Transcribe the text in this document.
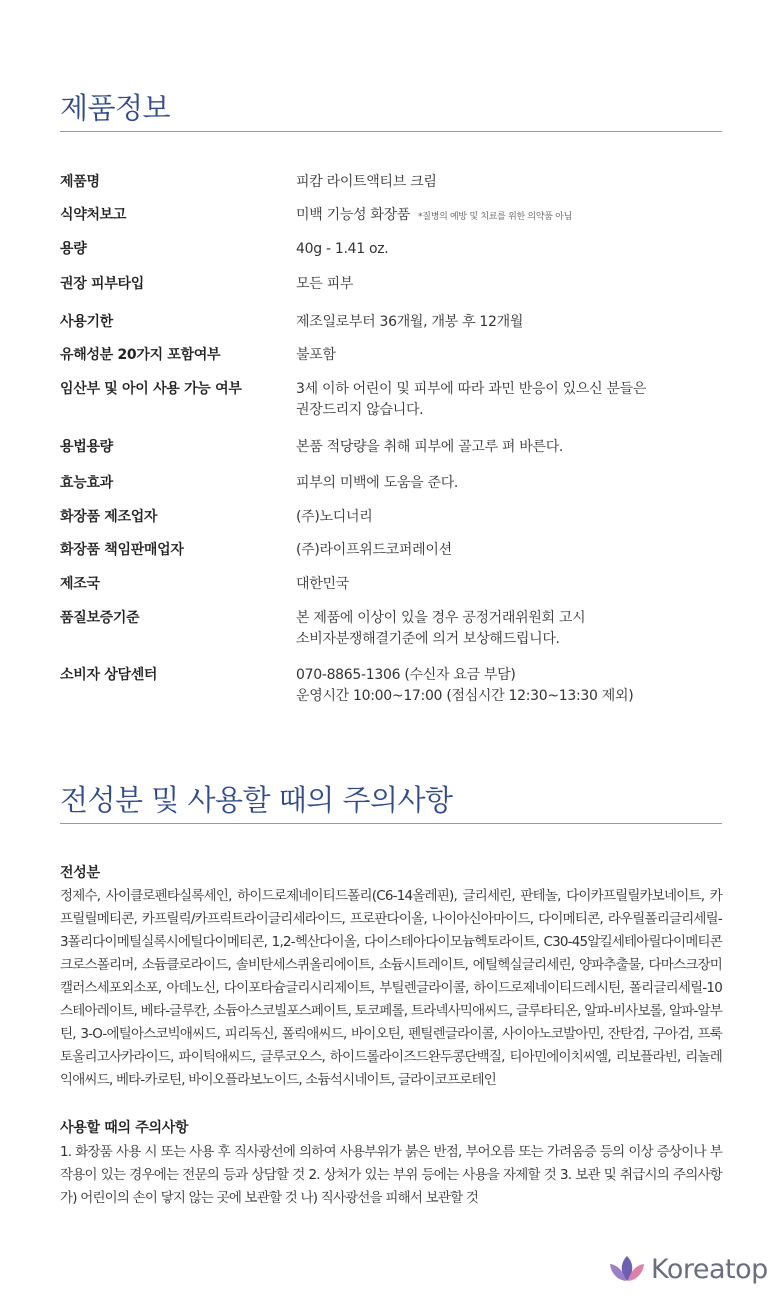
제품정보
제품명	피캄 라이트액티브 크림
식약처보고	미백 기능성 화장품 *질병의 예방 및 치료를 위한 의약품 아님
용량	40g - 1.41 oz.
권장 피부타입	모든 피부
사용기한	제조일로부터 36개월, 개봉 후 12개월
유해성분 20가지 포함여부	불포함
임산부 및 아이 사용 가능 여부	3세 이하 어린이 및 피부에 따라 과민 반응이 있으신 분들은
권장드리지 않습니다.
용법용량	본품 적당량을 취해 피부에 골고루 펴 바른다.
효능효과	피부의 미백에 도움을 준다.
화장품 제조업자	(주)노디너리
화장품 책임판매업자	(주)라이프위드코퍼레이션
제조국	대한민국
품질보증기준	본 제품에 이상이 있을 경우 공정거래위원회 고시
소비자분쟁해결기준에 의거 보상해드립니다.
소비자 상담센터	070-8865-1306 (수신자 요금 부담)
운영시간 10:00~17:00 (점심시간 12:30~13:30 제외)
전성분 및 사용할 때의 주의사항
전성분
정제수, 사이클로펜타실록세인, 하이드로제네이티드폴리(C6-14올레핀), 글리세린, 판테놀, 다이카프릴릴카보네이트, 카프릴릴메티콘, 카프릴릭/카프릭트라이글리세라이드, 프로판다이올, 나이아신아마이드, 다이메티콘, 라우릴폴리글리세릴-3폴리다이메틸실록시에틸다이메티콘, 1,2-헥산다이올, 다이스테아다이모늄헥토라이트, C30-45알킬세테아릴다이메티콘크로스폴리머, 소듐클로라이드, 솔비탄세스퀴올리에이트, 소듐시트레이트, 에틸헥실글리세린, 양파추출물, 다마스크장미캘러스세포외소포, 아데노신, 다이포타슘글리시리제이트, 부틸렌글라이콜, 하이드로제네이티드레시틴, 폴리글리세릴-10스테아레이트, 베타-글루칸, 소듐아스코빌포스페이트, 토코페롤, 트라넥사믹애씨드, 글루타티온, 알파-비사보롤, 알파-알부틴, 3-O-에틸아스코빅애씨드, 피리독신, 폴릭애씨드, 바이오틴, 펜틸렌글라이콜, 사이아노코발아민, 잔탄검, 구아검, 프룩토올리고사카라이드, 파이틱애씨드, 글루코오스, 하이드롤라이즈드완두콩단백질, 티아민에이치씨엘, 리보플라빈, 리놀레익애씨드, 베타-카로틴, 바이오플라보노이드, 소듐석시네이트, 글라이코프로테인
사용할 때의 주의사항
1. 화장품 사용 시 또는 사용 후 직사광선에 의하여 사용부위가 붉은 반점, 부어오름 또는 가려움증 등의 이상 증상이나 부작용이 있는 경우에는 전문의 등과 상담할 것 2. 상처가 있는 부위 등에는 사용을 자제할 것 3. 보관 및 취급시의 주의사항 가) 어린이의 손이 닿지 않는 곳에 보관할 것 나) 직사광선을 피해서 보관할 것
Koreatop
